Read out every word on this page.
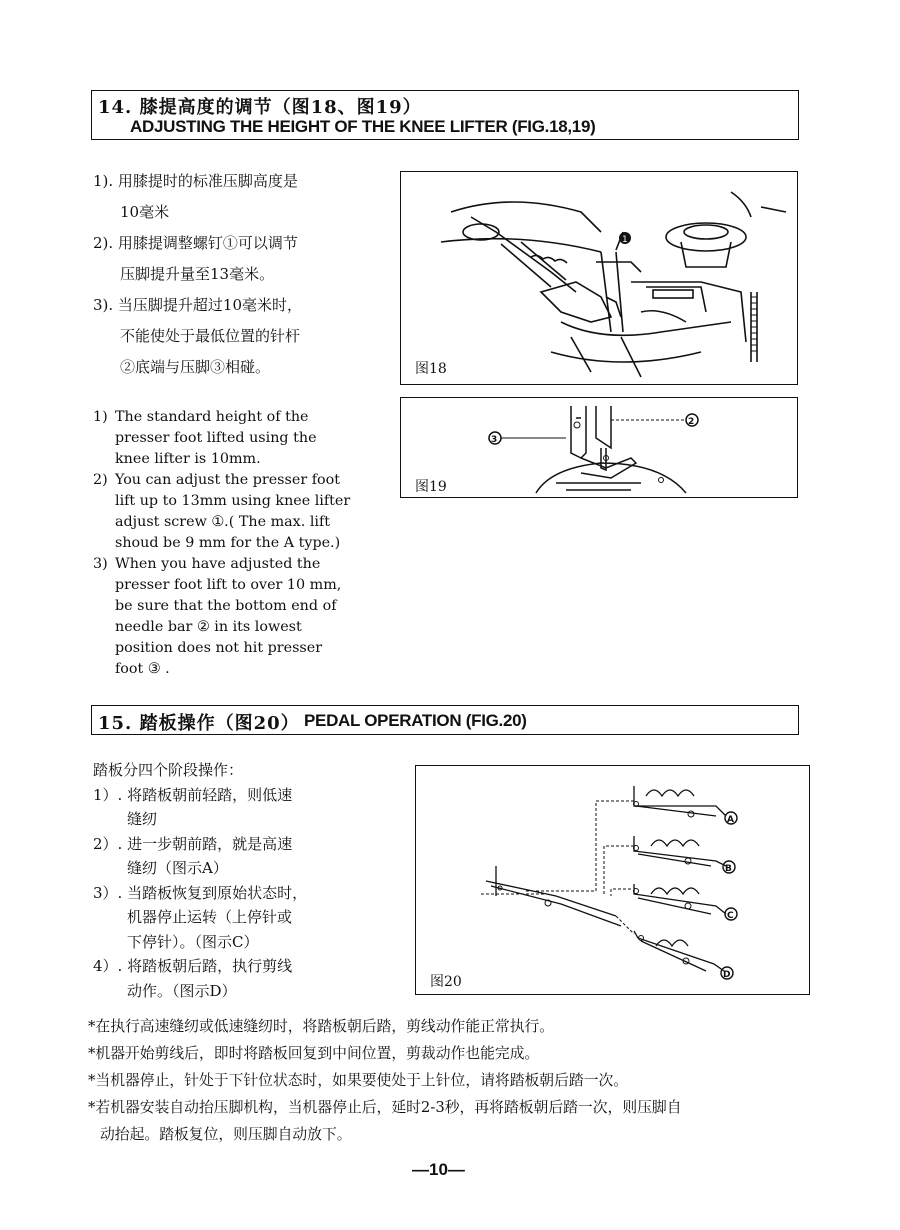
14. 膝提高度的调节（图18、图19）
ADJUSTING THE HEIGHT OF THE KNEE LIFTER (FIG.18,19)
1). 用膝提时的标准压脚高度是
10毫米
2). 用膝提调整螺钉①可以调节
压脚提升量至13毫米。
3). 当压脚提升超过10毫米时，
不能使处于最低位置的针杆
②底端与压脚③相碰。
1
图18
1) The standard height of the
presser foot lifted using the
knee lifter is 10mm.
2) You can adjust the presser foot
lift up to 13mm using knee lifter
adjust screw ①.( The max. lift
shoud be 9 mm for the A type.)
3) When you have adjusted the
presser foot lift to over 10 mm,
be sure that the bottom end of
needle bar ② in its lowest
position does not hit presser
foot ③ .
2
3
图19
15. 踏板操作（图20） PEDAL OPERATION (FIG.20)
踏板分四个阶段操作：
1）. 将踏板朝前轻踏，则低速
缝纫
2）. 进一步朝前踏，就是高速
缝纫（图示A）
3）. 当踏板恢复到原始状态时，
机器停止运转（上停针或
下停针）。（图示C）
4）. 将踏板朝后踏，执行剪线
动作。（图示D）
A
B
C
D
图20
*在执行高速缝纫或低速缝纫时，将踏板朝后踏，剪线动作能正常执行。
*机器开始剪线后，即时将踏板回复到中间位置，剪裁动作也能完成。
*当机器停止，针处于下针位状态时，如果要使处于上针位，请将踏板朝后踏一次。
*若机器安装自动抬压脚机构，当机器停止后，延时2-3秒，再将踏板朝后踏一次，则压脚自
动抬起。踏板复位，则压脚自动放下。
—10—
